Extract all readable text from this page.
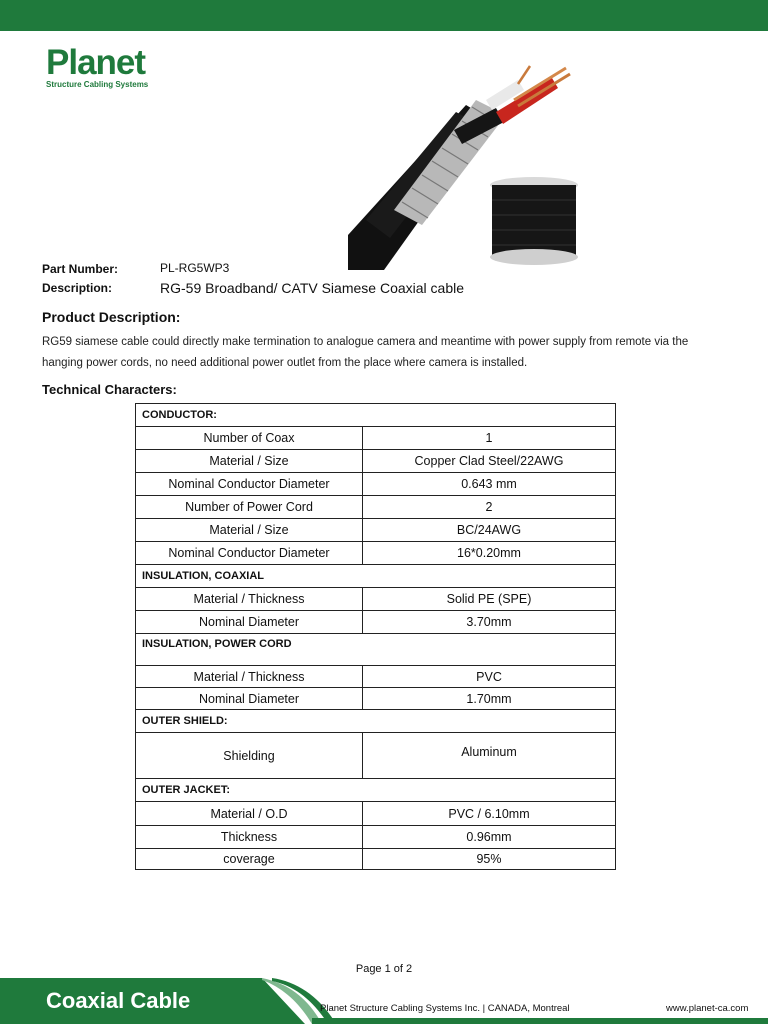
Planet
Structure Cabling Systems
Part Number:	PL-RG5WP3
Description:	RG-59 Broadband/ CATV Siamese Coaxial cable
Product Description:
RG59 siamese cable could directly make termination to analogue camera and meantime with power supply from remote via the hanging power cords, no need additional power outlet from the place where camera is installed.
Technical Characters:
CONDUCTOR:	
Number of Coax	1
Material / Size	Copper Clad Steel/22AWG
Nominal Conductor Diameter	0.643 mm
Number of Power Cord	2
Material / Size	BC/24AWG
Nominal Conductor Diameter	16*0.20mm
INSULATION, COAXIAL	
Material / Thickness	Solid PE (SPE)
Nominal Diameter	3.70mm
INSULATION, POWER CORD	
Material / Thickness	PVC
Nominal Diameter	1.70mm
OUTER SHIELD:	
Shielding	Aluminum
OUTER JACKET:	
Material / O.D	PVC / 6.10mm
Thickness	0.96mm
coverage	95%
Page 1 of 2
Coaxial Cable	Planet Structure Cabling Systems Inc. | CANADA, Montreal	www.planet-ca.com
